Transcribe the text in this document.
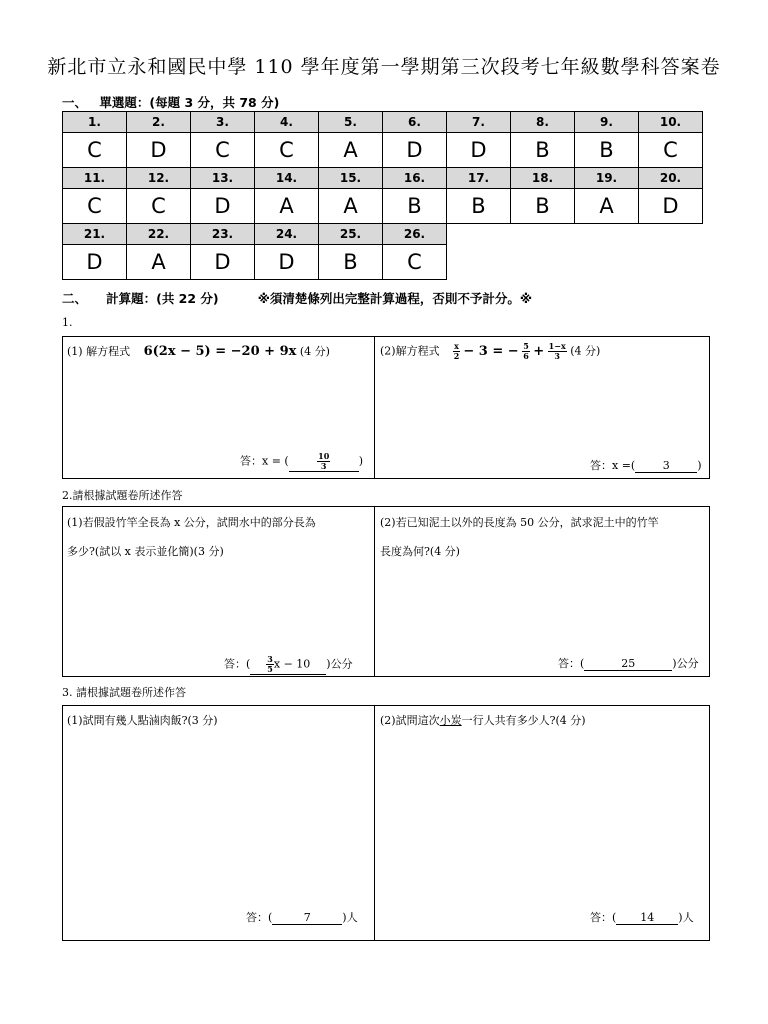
新北市立永和國民中學 110 學年度第一學期第三次段考七年級數學科答案卷
一、 單選題：(每題 3 分，共 78 分)
1.	2.	3.	4.	5.	6.	7.	8.	9.	10.
C	D	C	C	A	D	D	B	B	C
11.	12.	13.	14.	15.	16.	17.	18.	19.	20.
C	C	D	A	A	B	B	B	A	D
21.	22.	23.	24.	25.	26.				
D	A	D	D	B	C				
二、 計算題：(共 22 分)	※須清楚條列出完整計算過程，否則不予計分。※
1.
(1) 解方程式 6(2x − 5) = −20 + 9x (4 分)
答：x = (	$\frac{10}{3}$	)
(2)解方程式 $\frac{x}{2} - 3$ = − $\frac{5}{6} + \frac{1-x}{3} (4$ 分)
答：x =(	3	)
2.請根據試題卷所述作答
(1)若假設竹竿全長為 x 公分，試問水中的部分長為
多少?(試以 x 表示並化簡)(3 分)
答：( $\frac{3}{5}$ x − 10 )公分
(2)若已知泥土以外的長度為 50 公分，試求泥土中的竹竿
長度為何?(4 分)
答：(	25	)公分
3. 請根據試題卷所述作答
(1)試問有幾人點滷肉飯?(3 分)
答：(	7	)人
(2)試問這次小炭一行人共有多少人?(4 分)
答：( 14 )人
